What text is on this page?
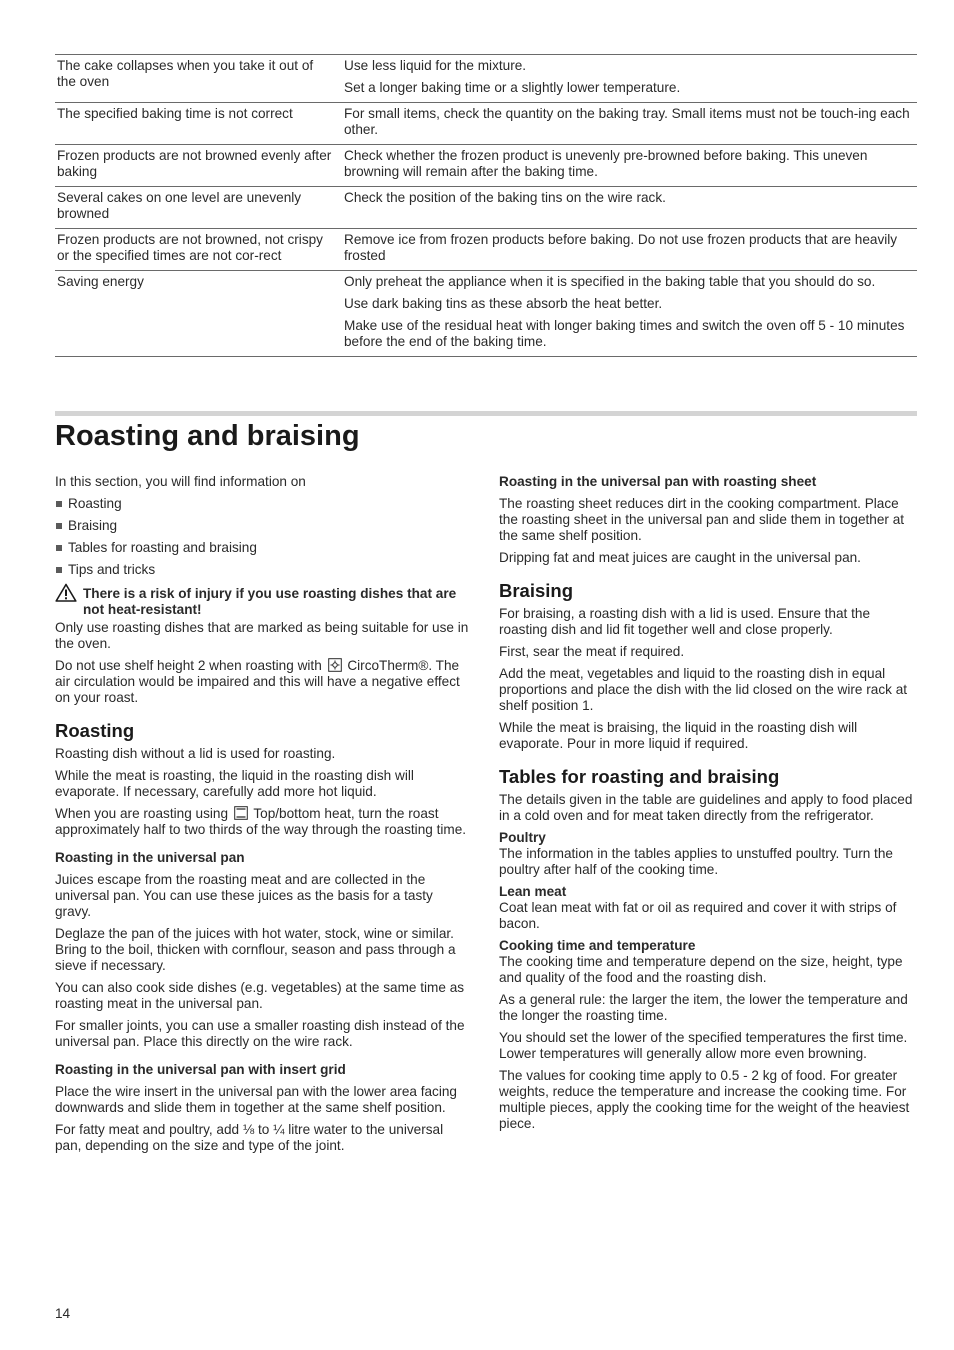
The cake collapses when you take it out of the oven

Use less liquid for the mixture.

Set a longer baking time or a slightly lower temperature.

The specified baking time is not correct	For small items, check the quantity on the baking tray. Small items must not be touch-ing each other.

Frozen products are not browned evenly after baking

Check whether the frozen product is unevenly pre-browned before baking. This uneven browning will remain after the baking time.

Several cakes on one level are unevenly browned

Check the position of the baking tins on the wire rack.

Frozen products are not browned, not crispy or the specified times are not cor-rect

Remove ice from frozen products before baking. Do not use frozen products that are heavily frosted

Saving energy	Only preheat the appliance when it is specified in the baking table that you should do so.

Use dark baking tins as these absorb the heat better.

Make use of the residual heat with longer baking times and switch the oven off 5 - 10 minutes before the end of the baking time.

Roasting and braising

In this section, you will find information on

Roasting
Braising
Tables for roasting and braising
Tips and tricks
There is a risk of injury if you use roasting dishes that are not heat-resistant!

Only use roasting dishes that are marked as being suitable for use in the oven.

Do not use shelf height 2 when roasting with CircoTherm®. The air circulation would be impaired and this will have a negative effect on your roast.

Roasting

Roasting dish without a lid is used for roasting.

While the meat is roasting, the liquid in the roasting dish will evaporate. If necessary, carefully add more hot liquid.

When you are roasting using Top/bottom heat, turn the roast approximately half to two thirds of the way through the roasting time.

Roasting in the universal pan

Juices escape from the roasting meat and are collected in the universal pan. You can use these juices as the basis for a tasty gravy.

Deglaze the pan of the juices with hot water, stock, wine or similar. Bring to the boil, thicken with cornflour, season and pass through a sieve if necessary.

You can also cook side dishes (e.g. vegetables) at the same time as roasting meat in the universal pan.

For smaller joints, you can use a smaller roasting dish instead of the universal pan. Place this directly on the wire rack.

Roasting in the universal pan with insert grid

Place the wire insert in the universal pan with the lower area facing downwards and slide them in together at the same shelf position.

For fatty meat and poultry, add ⅛ to ¼ litre water to the universal pan, depending on the size and type of the joint.

Roasting in the universal pan with roasting sheet

The roasting sheet reduces dirt in the cooking compartment. Place the roasting sheet in the universal pan and slide them in together at the same shelf position.

Dripping fat and meat juices are caught in the universal pan.

Braising

For braising, a roasting dish with a lid is used. Ensure that the roasting dish and lid fit together well and close properly.

First, sear the meat if required.

Add the meat, vegetables and liquid to the roasting dish in equal proportions and place the dish with the lid closed on the wire rack at shelf position 1.

While the meat is braising, the liquid in the roasting dish will evaporate. Pour in more liquid if required.

Tables for roasting and braising

The details given in the table are guidelines and apply to food placed in a cold oven and for meat taken directly from the refrigerator.

Poultry

The information in the tables applies to unstuffed poultry. Turn the poultry after half of the cooking time.

Lean meat

Coat lean meat with fat or oil as required and cover it with strips of bacon.

Cooking time and temperature

The cooking time and temperature depend on the size, height, type and quality of the food and the roasting dish.

As a general rule: the larger the item, the lower the temperature and the longer the roasting time.

You should set the lower of the specified temperatures the first time. Lower temperatures will generally allow more even browning.

The values for cooking time apply to 0.5 - 2 kg of food. For greater weights, reduce the temperature and increase the cooking time. For multiple pieces, apply the cooking time for the weight of the heaviest piece.

14
